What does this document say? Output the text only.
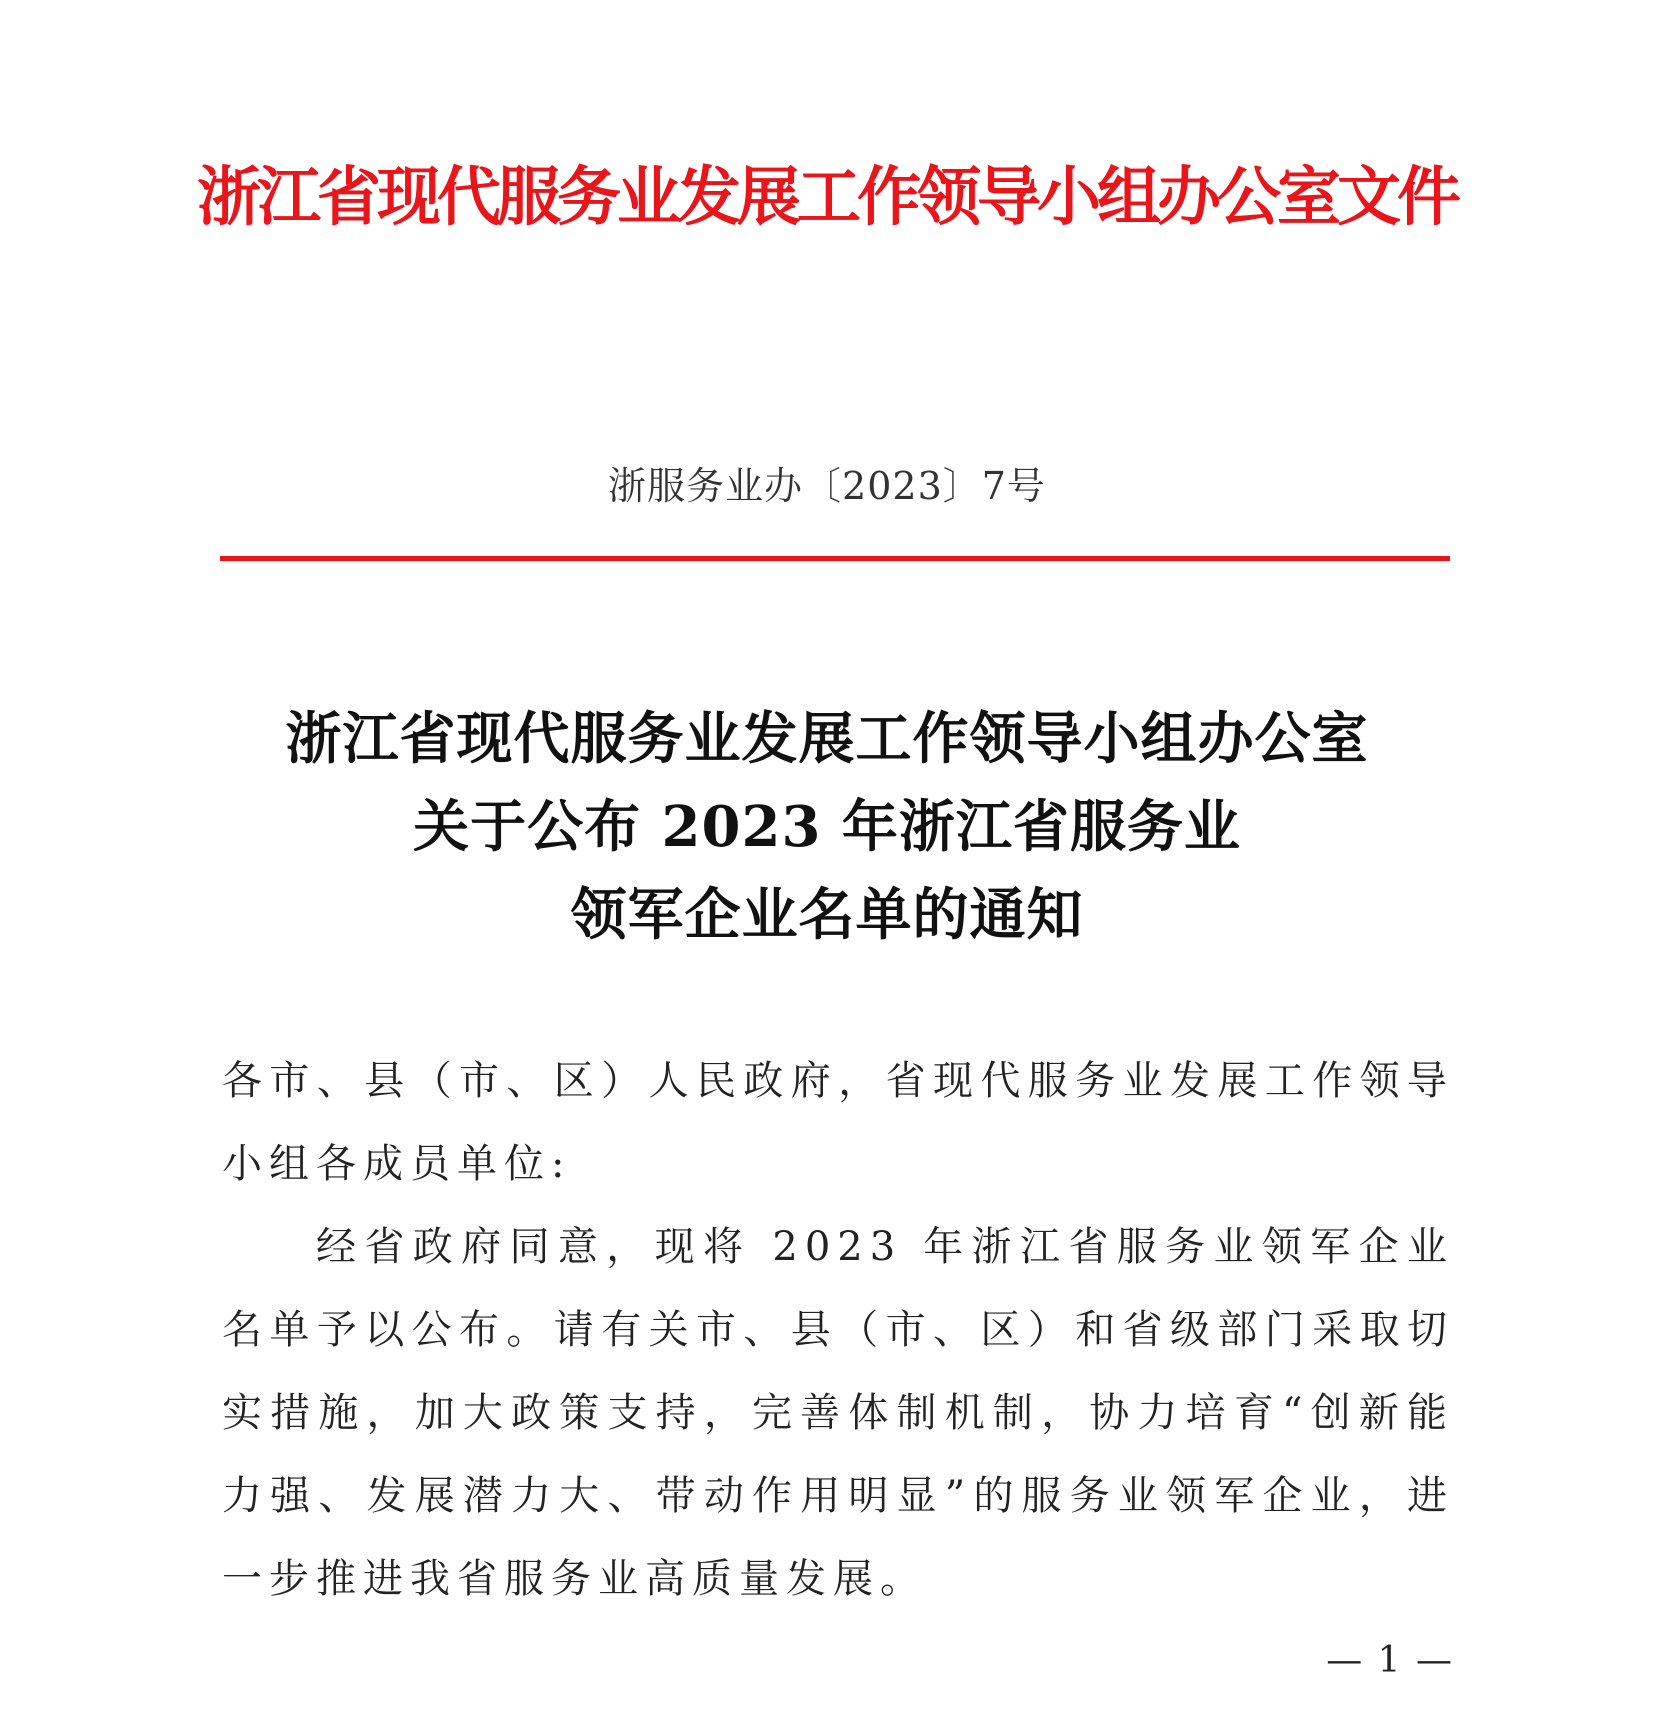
浙江省现代服务业发展工作领导小组办公室文件
浙服务业办〔2023〕7号
浙江省现代服务业发展工作领导小组办公室
关于公布 2023 年浙江省服务业
领军企业名单的通知

各市、县（市、区）人民政府，省现代服务业发展工作领导小组各成员单位:

经省政府同意，现将 2023 年浙江省服务业领军企业名单予以公布。请有关市、县（市、区）和省级部门采取切实措施，加大政策支持，完善体制机制，协力培育“创新能力强、发展潜力大、带动作用明显”的服务业领军企业，进一步推进我省服务业高质量发展。

— 1 —
